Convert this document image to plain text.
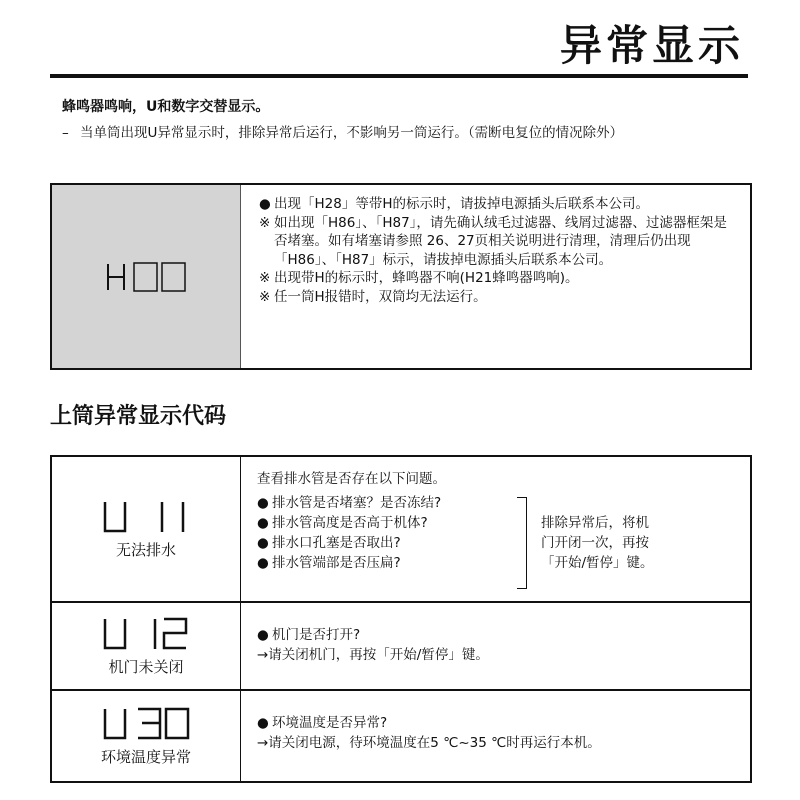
异常显示
蜂鸣器鸣响，U和数字交替显示。
– 当单筒出现U异常显示时，排除异常后运行，不影响另一筒运行。（需断电复位的情况除外）
● 出现「H28」等带H的标示时，请拔掉电源插头后联系本公司。
※ 如出现「H86」、「H87」，请先确认绒毛过滤器、线屑过滤器、过滤器框架是否堵塞。如有堵塞请参照 26、27页相关说明进行清理，清理后仍出现「H86」、「H87」标示，请拔掉电源插头后联系本公司。
※ 出现带H的标示时，蜂鸣器不响(H21蜂鸣器鸣响)。
※ 任一筒H报错时，双筒均无法运行。
上筒异常显示代码
无法排水
查看排水管是否存在以下问题。
● 排水管是否堵塞？是否冻结?
● 排水管高度是否高于机体?
● 排水口孔塞是否取出?
● 排水管端部是否压扁?
排除异常后，将机
门开闭一次，再按
「开始/暂停」键。
机门未关闭
● 机门是否打开?
→请关闭机门，再按「开始/暂停」键。
环境温度异常
● 环境温度是否异常?
→请关闭电源，待环境温度在5 ℃~35 ℃时再运行本机。
